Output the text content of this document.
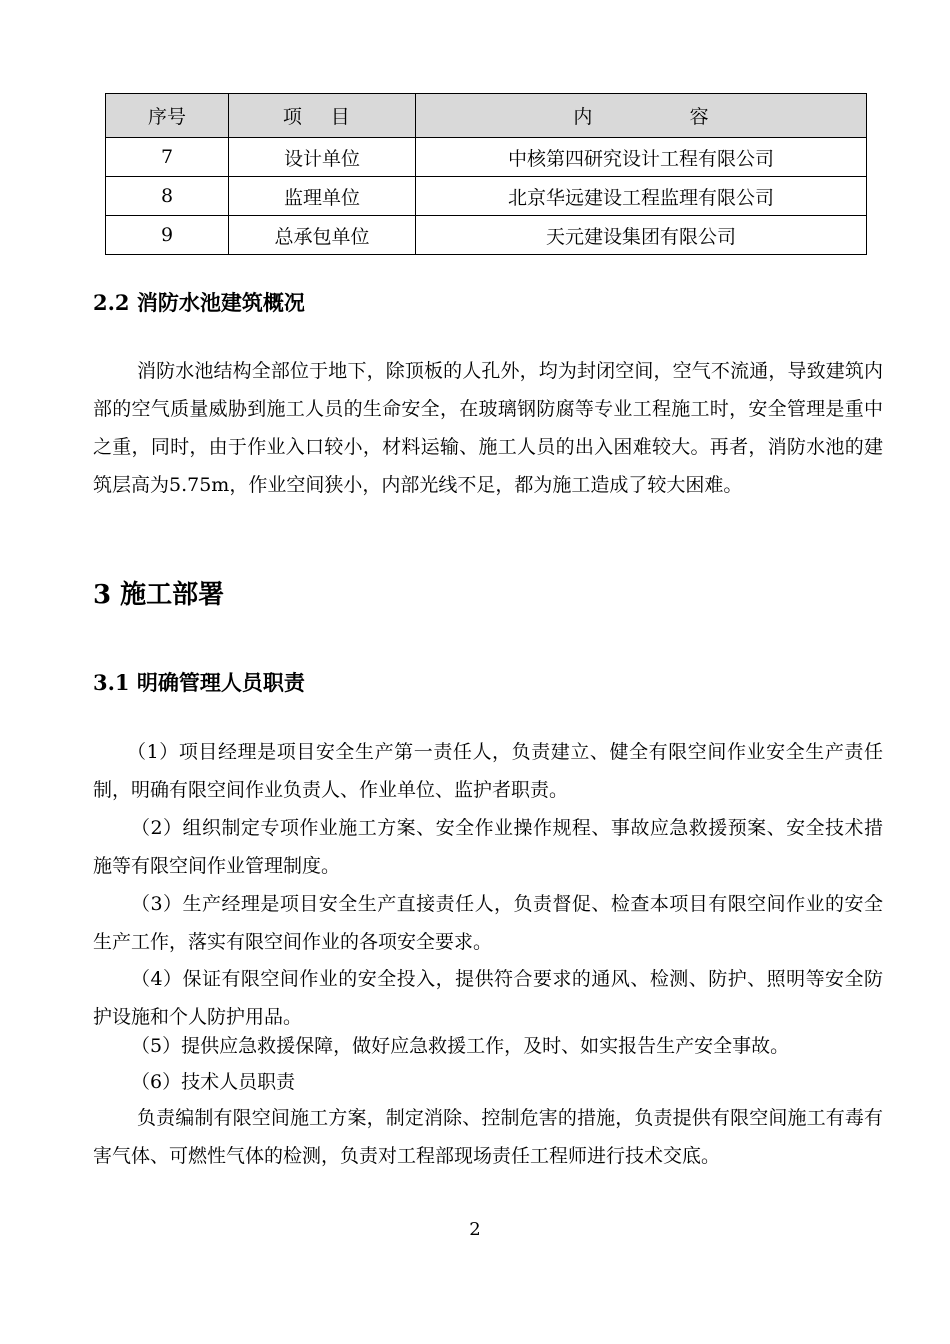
序号	项 目	内 容
7	设计单位	中核第四研究设计工程有限公司
8	监理单位	北京华远建设工程监理有限公司
9	总承包单位	天元建设集团有限公司
2.2 消防水池建筑概况
消防水池结构全部位于地下，除顶板的人孔外，均为封闭空间，空气不流通，导致建筑内部的空气质量威胁到施工人员的生命安全，在玻璃钢防腐等专业工程施工时，安全管理是重中之重，同时，由于作业入口较小，材料运输、施工人员的出入困难较大。再者，消防水池的建筑层高为5.75m，作业空间狭小，内部光线不足，都为施工造成了较大困难。
3 施工部署
3.1 明确管理人员职责
（1）项目经理是项目安全生产第一责任人，负责建立、健全有限空间作业安全生产责任制，明确有限空间作业负责人、作业单位、监护者职责。
（2）组织制定专项作业施工方案、安全作业操作规程、事故应急救援预案、安全技术措施等有限空间作业管理制度。
（3）生产经理是项目安全生产直接责任人，负责督促、检查本项目有限空间作业的安全生产工作，落实有限空间作业的各项安全要求。
（4）保证有限空间作业的安全投入，提供符合要求的通风、检测、防护、照明等安全防护设施和个人防护用品。
（5）提供应急救援保障，做好应急救援工作，及时、如实报告生产安全事故。
（6）技术人员职责
负责编制有限空间施工方案，制定消除、控制危害的措施，负责提供有限空间施工有毒有害气体、可燃性气体的检测，负责对工程部现场责任工程师进行技术交底。
2
